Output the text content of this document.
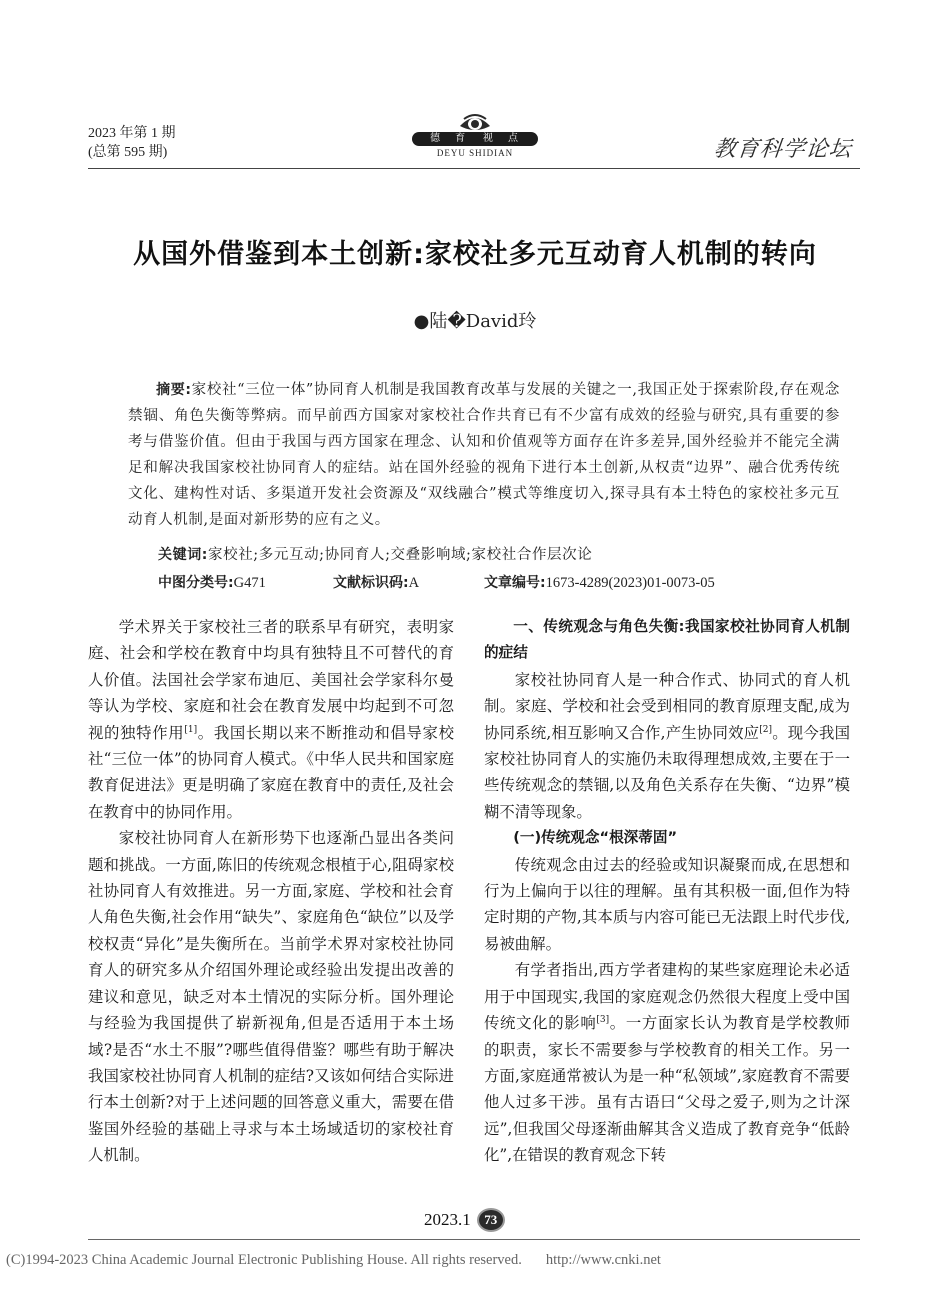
2023 年第 1 期
(总第 595 期)
德 育 视 点
DEYU SHIDIAN	教育科学论坛
从国外借鉴到本土创新:家校社多元互动育人机制的转向
●陆�David玲
摘要:家校社“三位一体”协同育人机制是我国教育改革与发展的关键之一,我国正处于探索阶段,存在观念禁锢、角色失衡等弊病。而早前西方国家对家校社合作共育已有不少富有成效的经验与研究,具有重要的参考与借鉴价值。但由于我国与西方国家在理念、认知和价值观等方面存在许多差异,国外经验并不能完全满足和解决我国家校社协同育人的症结。站在国外经验的视角下进行本土创新,从权责“边界”、融合优秀传统文化、建构性对话、多渠道开发社会资源及“双线融合”模式等维度切入,探寻具有本土特色的家校社多元互动育人机制,是面对新形势的应有之义。
关键词:家校社;多元互动;协同育人;交叠影响域;家校社合作层次论
中图分类号:G471	文献标识码:A	文章编号:1673-4289(2023)01-0073-05

学术界关于家校社三者的联系早有研究，表明家庭、社会和学校在教育中均具有独特且不可替代的育人价值。法国社会学家布迪厄、美国社会学家科尔曼等认为学校、家庭和社会在教育发展中均起到不可忽视的独特作用[1]。我国长期以来不断推动和倡导家校社“三位一体”的协同育人模式。《中华人民共和国家庭教育促进法》更是明确了家庭在教育中的责任,及社会在教育中的协同作用。

家校社协同育人在新形势下也逐渐凸显出各类问题和挑战。一方面,陈旧的传统观念根植于心,阻碍家校社协同育人有效推进。另一方面,家庭、学校和社会育人角色失衡,社会作用“缺失”、家庭角色“缺位”以及学校权责“异化”是失衡所在。当前学术界对家校社协同育人的研究多从介绍国外理论或经验出发提出改善的建议和意见，缺乏对本土情况的实际分析。国外理论与经验为我国提供了崭新视角,但是否适用于本土场域?是否“水土不服”?哪些值得借鉴？哪些有助于解决我国家校社协同育人机制的症结?又该如何结合实际进行本土创新?对于上述问题的回答意义重大，需要在借鉴国外经验的基础上寻求与本土场域适切的家校社育人机制。

一、传统观念与角色失衡:我国家校社协同育人机制的症结

家校社协同育人是一种合作式、协同式的育人机制。家庭、学校和社会受到相同的教育原理支配,成为协同系统,相互影响又合作,产生协同效应[2]。现今我国家校社协同育人的实施仍未取得理想成效,主要在于一些传统观念的禁锢,以及角色关系存在失衡、“边界”模糊不清等现象。

(一)传统观念“根深蒂固”

传统观念由过去的经验或知识凝聚而成,在思想和行为上偏向于以往的理解。虽有其积极一面,但作为特定时期的产物,其本质与内容可能已无法跟上时代步伐,易被曲解。

有学者指出,西方学者建构的某些家庭理论未必适用于中国现实,我国的家庭观念仍然很大程度上受中国传统文化的影响[3]。一方面家长认为教育是学校教师的职责，家长不需要参与学校教育的相关工作。另一方面,家庭通常被认为是一种“私领域”,家庭教育不需要他人过多干涉。虽有古语曰“父母之爱子,则为之计深远”,但我国父母逐渐曲解其含义造成了教育竞争“低龄化”,在错误的教育观念下转

2023.1	73
(C)1994-2023 China Academic Journal Electronic Publishing House. All rights reserved. http://www.cnki.net
